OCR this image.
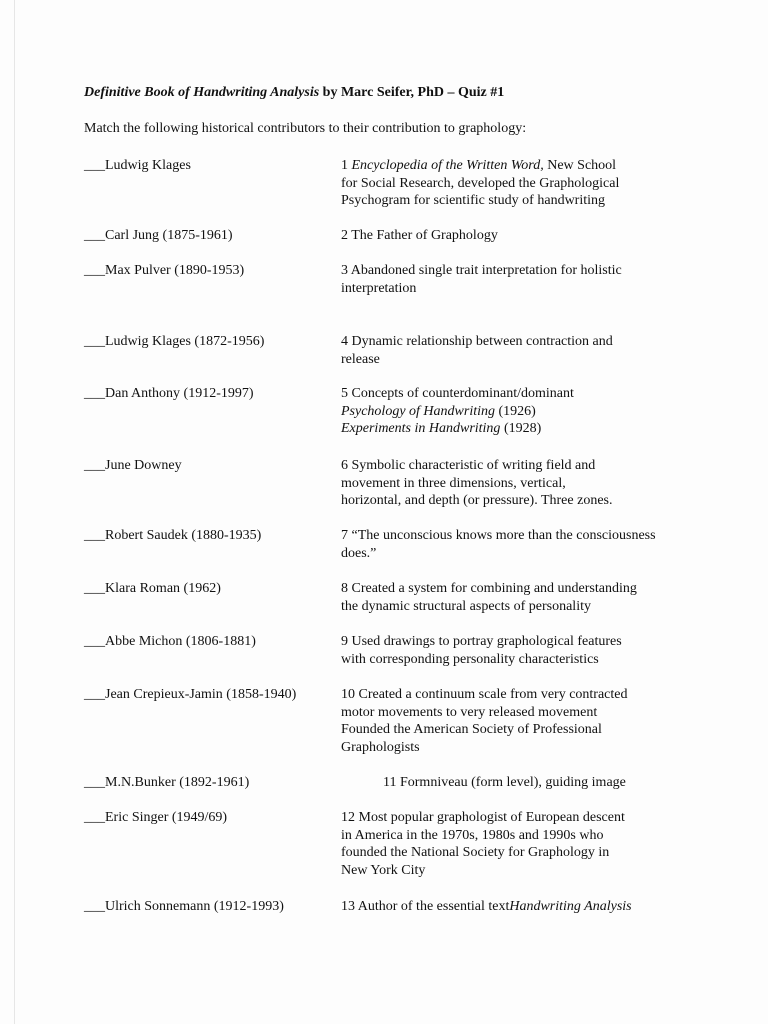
Definitive Book of Handwriting Analysis by Marc Seifer, PhD – Quiz #1
Match the following historical contributors to their contribution to graphology:
___Ludwig Klages	1 Encyclopedia of the Written Word, New School
for Social Research, developed the Graphological
Psychogram for scientific study of handwriting
___Carl Jung (1875-1961)	2 The Father of Graphology
___Max Pulver (1890-1953)	3 Abandoned single trait interpretation for holistic
interpretation
___Ludwig Klages (1872-1956)	4 Dynamic relationship between contraction and
release
___Dan Anthony (1912-1997)	5 Concepts of counterdominant/dominant
Psychology of Handwriting (1926)
Experiments in Handwriting (1928)
___June Downey	6 Symbolic characteristic of writing field and
movement in three dimensions, vertical,
horizontal, and depth (or pressure). Three zones.
___Robert Saudek (1880-1935)	7 “The unconscious knows more than the consciousness
does.”
___Klara Roman (1962)	8 Created a system for combining and understanding
the dynamic structural aspects of personality
___Abbe Michon (1806-1881)	9 Used drawings to portray graphological features
with corresponding personality characteristics
___Jean Crepieux-Jamin (1858-1940)	10 Created a continuum scale from very contracted
motor movements to very released movement
Founded the American Society of Professional
Graphologists
___M.N.Bunker (1892-1961)	11 Formniveau (form level), guiding image
___Eric Singer (1949/69)	12 Most popular graphologist of European descent
in America in the 1970s, 1980s and 1990s who
founded the National Society for Graphology in
New York City
___Ulrich Sonnemann (1912-1993)	13 Author of the essential textHandwriting Analysis
